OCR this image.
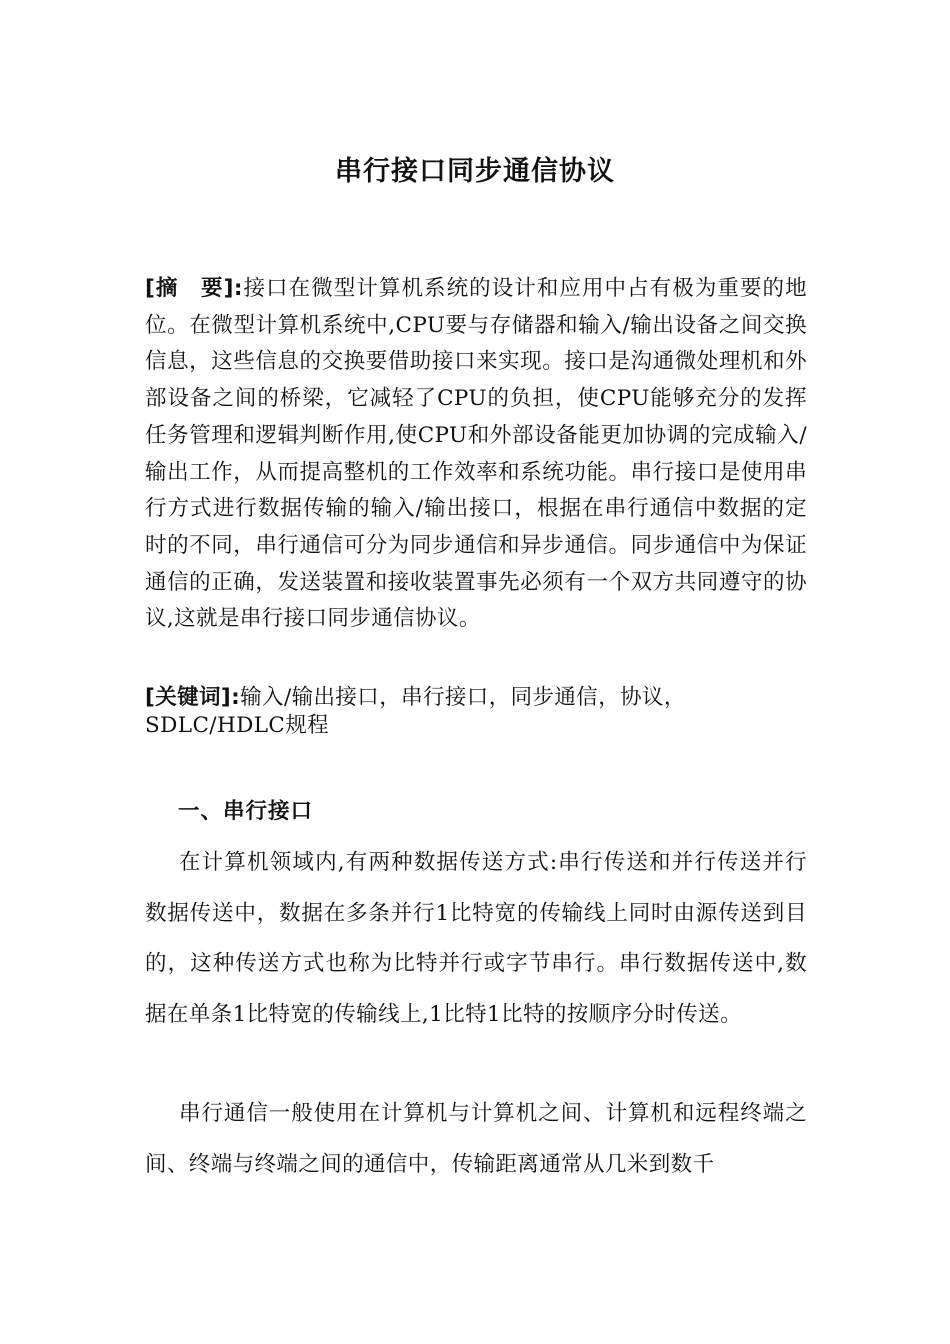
串行接口同步通信协议
[摘　要]:接口在微型计算机系统的设计和应用中占有极为重要的地位。在微型计算机系统中,CPU要与存储器和输入/输出设备之间交换信息，这些信息的交换要借助接口来实现。接口是沟通微处理机和外部设备之间的桥梁，它减轻了CPU的负担，使CPU能够充分的发挥任务管理和逻辑判断作用,使CPU和外部设备能更加协调的完成输入/输出工作，从而提高整机的工作效率和系统功能。串行接口是使用串行方式进行数据传输的输入/输出接口，根据在串行通信中数据的定时的不同，串行通信可分为同步通信和异步通信。同步通信中为保证通信的正确，发送装置和接收装置事先必须有一个双方共同遵守的协议,这就是串行接口同步通信协议。
[关键词]:输入/输出接口，串行接口，同步通信，协议，SDLC/HDLC规程
一、串行接口

在计算机领域内,有两种数据传送方式:串行传送和并行传送并行数据传送中，数据在多条并行1比特宽的传输线上同时由源传送到目的，这种传送方式也称为比特并行或字节串行。串行数据传送中,数据在单条1比特宽的传输线上,1比特1比特的按顺序分时传送。

串行通信一般使用在计算机与计算机之间、计算机和远程终端之间、终端与终端之间的通信中，传输距离通常从几米到数千
